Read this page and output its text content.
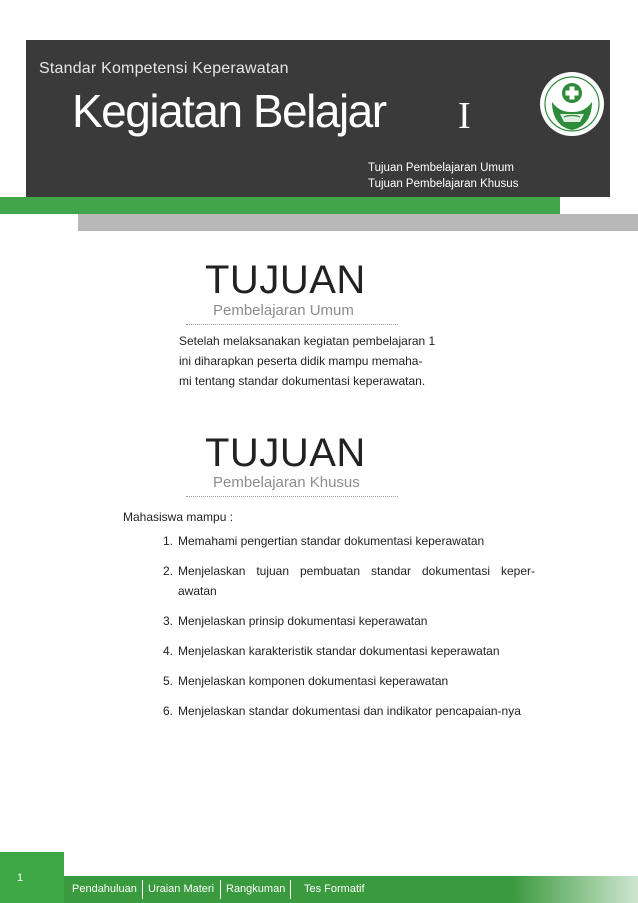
Standar Kompetensi Keperawatan
Kegiatan Belajar I
Tujuan Pembelajaran Umum
Tujuan Pembelajaran Khusus
TUJUAN
Pembelajaran Umum

Setelah melaksanakan kegiatan pembelajaran 1

ini diharapkan peserta didik mampu memaha-

mi tentang standar dokumentasi keperawatan.

TUJUAN
Pembelajaran Khusus
Mahasiswa mampu :
1. Memahami pengertian standar dokumentasi keperawatan
2. Menjelaskan tujuan pembuatan standar dokumentasi keper-awatan
3. Menjelaskan prinsip dokumentasi keperawatan
4. Menjelaskan karakteristik standar dokumentasi keperawatan
5. Menjelaskan komponen dokumentasi keperawatan
6. Menjelaskan standar dokumentasi dan indikator pencapaian-nya
1
Pendahuluan Uraian Materi Rangkuman Tes Formatif
